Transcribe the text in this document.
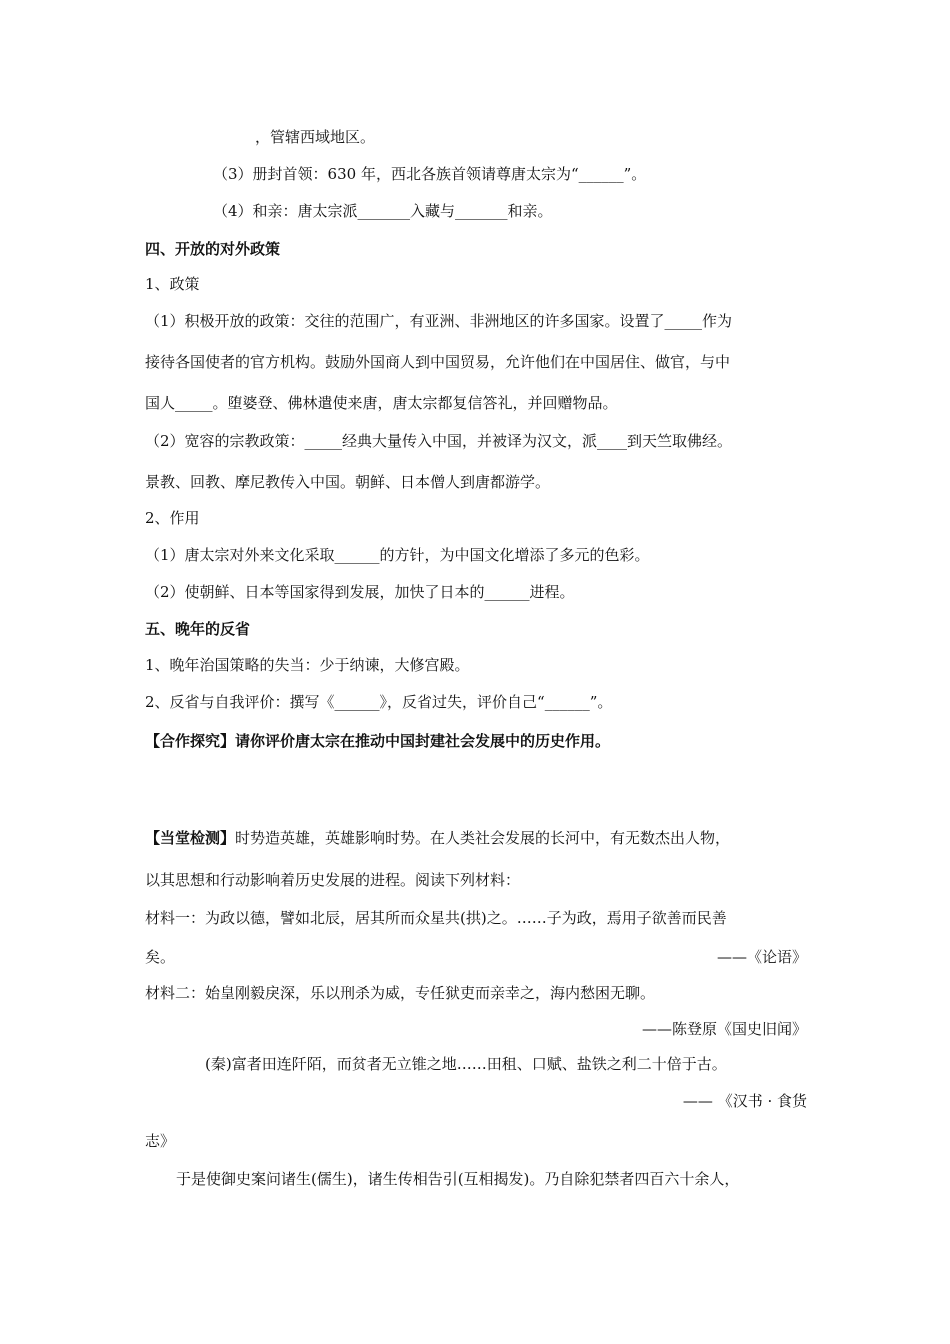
，管辖西域地区。
（3）册封首领：630 年，西北各族首领请尊唐太宗为“______”。
（4）和亲：唐太宗派_______入藏与_______和亲。
四、开放的对外政策
1、政策
（1）积极开放的政策：交往的范围广，有亚洲、非洲地区的许多国家。设置了_____作为
接待各国使者的官方机构。鼓励外国商人到中国贸易，允许他们在中国居住、做官，与中
国人_____。堕婆登、佛林遣使来唐，唐太宗都复信答礼，并回赠物品。
（2）宽容的宗教政策：_____经典大量传入中国，并被译为汉文，派____到天竺取佛经。
景教、回教、摩尼教传入中国。朝鲜、日本僧人到唐都游学。
2、作用
（1）唐太宗对外来文化采取______的方针，为中国文化增添了多元的色彩。
（2）使朝鲜、日本等国家得到发展，加快了日本的______进程。
五、晚年的反省
1、晚年治国策略的失当：少于纳谏，大修宫殿。
2、反省与自我评价：撰写《______》，反省过失，评价自己“______”。
【合作探究】请你评价唐太宗在推动中国封建社会发展中的历史作用。
【当堂检测】时势造英雄，英雄影响时势。在人类社会发展的长河中，有无数杰出人物，
以其思想和行动影响着历史发展的进程。阅读下列材料：
材料一：为政以德，譬如北辰，居其所而众星共(拱)之。……子为政，焉用子欲善而民善
矣。	——《论语》
材料二：始皇刚毅戾深，乐以刑杀为威，专任狱吏而亲幸之，海内愁困无聊。
——陈登原《国史旧闻》
(秦)富者田连阡陌，而贫者无立锥之地……田租、口赋、盐铁之利二十倍于古。
—— 《汉书 · 食货
志》
于是使御史案问诸生(儒生)，诸生传相告引(互相揭发)。乃自除犯禁者四百六十余人，
